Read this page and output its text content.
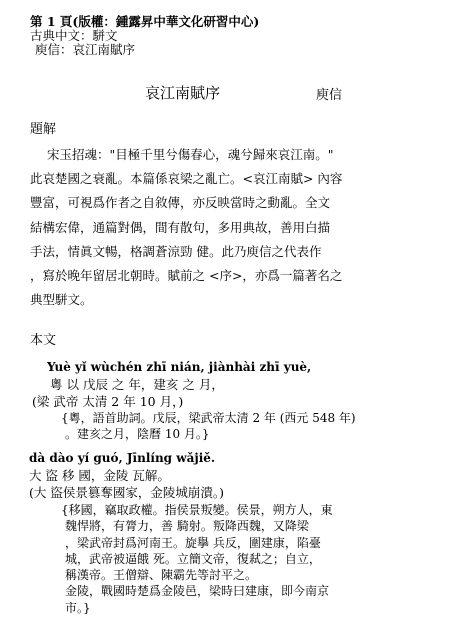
第 1 頁(版權：鍾露昇中華文化研習中心)
古典中文：駢文
庾信：哀江南賦序
哀江南賦序	庾信
題解
宋玉招魂："目極千里兮傷春心，魂兮歸來哀江南。"
此哀楚國之衰亂。本篇係哀梁之亂亡。<哀江南賦> 內容
豐富，可視爲作者之自敘傳，亦反映當時之動亂。全文
結構宏偉，通篇對偶，間有散句，多用典故，善用白描
手法，情眞文暢，格調蒼涼勁 健。此乃庾信之代表作
，寫於晚年留居北朝時。賦前之 <序>，亦爲一篇著名之
典型駢文。
本文
Yuè yǐ wùchén zhī nián, jiànhài zhī yuè,
粵 以 戊辰 之 年，建亥 之 月，
(梁 武帝 太清 2 年 10 月，)
{粵，語首助詞。戊辰，梁武帝太清 2 年 (西元 548 年)
。建亥之月，陰曆 10 月。}
dà dào yí guó, Jīnlíng wǎjiě.
大 盜 移 國，金陵 瓦解。
(大 盜侯景篡奪國家，金陵城崩潰。)
{移國，竊取政權。指侯景叛變。侯景，朔方人，東
魏悍將，有膂力，善 騎射。叛降西魏，又降梁
，梁武帝封爲河南王。旋擧 兵反，圍建康，陷臺
城，武帝被逼餓 死。立簡文帝，復弒之；自立，
稱漢帝。王僧辯、陳霸先等討平之。
金陵，戰國時楚爲金陵邑，梁時曰建康，即今南京
市。}
